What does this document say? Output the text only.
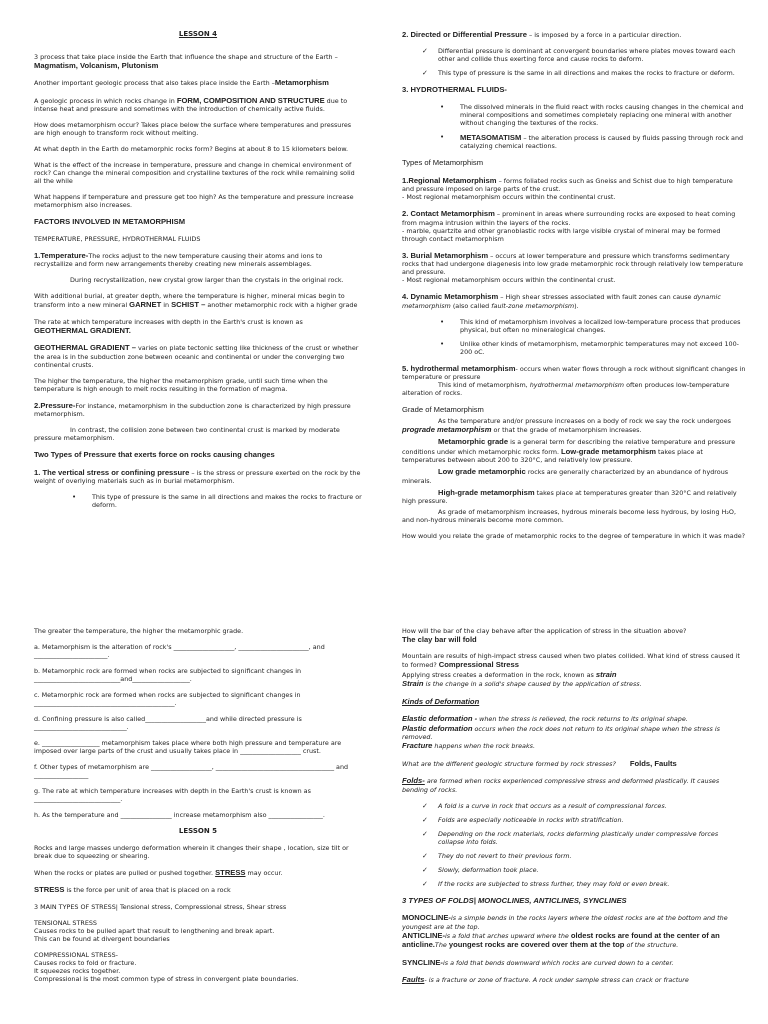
LESSON 4

3 process that take place inside the Earth that influence the shape and structure of the Earth –Magmatism, Volcanism, Plutonism

Another important geologic process that also takes place inside the Earth –Metamorphism

A geologic process in which rocks change in FORM, COMPOSITION AND STRUCTURE due to intense heat and pressure and sometimes with the introduction of chemically active fluids.

How does metamorphism occur? Takes place below the surface where temperatures and pressures are high enough to transform rock without melting.

At what depth in the Earth do metamorphic rocks form? Begins at about 8 to 15 kilometers below.

What is the effect of the increase in temperature, pressure and change in chemical environment of rock? Can change the mineral composition and crystalline textures of the rock while remaining solid all the while

What happens if temperature and pressure get too high? As the temperature and pressure increase metamorphism also increases.

FACTORS INVOLVED IN METAMORPHISM

TEMPERATURE, PRESSURE, HYDROTHERMAL FLUIDS

1.Temperature-The rocks adjust to the new temperature causing their atoms and ions to recrystallize and form new arrangements thereby creating new minerals assemblages.

During recrystallization, new crystal grow larger than the crystals in the original rock.

With additional burial, at greater depth, where the temperature is higher, mineral micas begin to transform into a new mineral GARNET in SCHIST – another metamorphic rock with a higher grade

The rate at which temperature increases with depth in the Earth's crust is known as
GEOTHERMAL GRADIENT.

GEOTHERMAL GRADIENT – varies on plate tectonic setting like thickness of the crust or whether the area is in the subduction zone between oceanic and continental or under the converging two continental crusts.

The higher the temperature, the higher the metamorphism grade, until such time when the temperature is high enough to melt rocks resulting in the formation of magma.

2.Pressure-For instance, metamorphism in the subduction zone is characterized by high pressure metamorphism.

In contrast, the collision zone between two continental crust is marked by moderate pressure metamorphism.

Two Types of Pressure that exerts force on rocks causing changes

1. The vertical stress or confining pressure – is the stress or pressure exerted on the rock by the weight of overlying materials such as in burial metamorphism.

• This type of pressure is the same in all directions and makes the rocks to fracture or deform.

2. Directed or Differential Pressure – is imposed by a force in a particular direction.

✓ Differential pressure is dominant at convergent boundaries where plates moves toward each other and collide thus exerting force and cause rocks to deform.
✓ This type of pressure is the same in all directions and makes the rocks to fracture or deform.

3. HYDROTHERMAL FLUIDS-

• The dissolved minerals in the fluid react with rocks causing changes in the chemical and mineral compositions and sometimes completely replacing one mineral with another without changing the textures of the rocks.
• METASOMATISM – the alteration process is caused by fluids passing through rock and catalyzing chemical reactions.

Types of Metamorphism

1.Regional Metamorphism – forms foliated rocks such as Gneiss and Schist due to high temperature and pressure imposed on large parts of the crust.
- Most regional metamorphism occurs within the continental crust.

2. Contact Metamorphism – prominent in areas where surrounding rocks are exposed to heat coming from magma intrusion within the layers of the rocks.
- marble, quartzite and other granoblastic rocks with large visible crystal of mineral may be formed through contact metamorphism

3. Burial Metamorphism – occurs at lower temperature and pressure which transforms sedimentary rocks that had undergone diagenesis into low grade metamorphic rock through relatively low temperature and pressure.
- Most regional metamorphism occurs within the continental crust.

4. Dynamic Metamorphism – High shear stresses associated with fault zones can cause dynamic metamorphism (also called fault-zone metamorphism).

• This kind of metamorphism involves a localized low-temperature process that produces physical, but often no mineralogical changes.
• Unlike other kinds of metamorphism, metamorphic temperatures may not exceed 100-200 oC.

5. hydrothermal metamorphism- occurs when water flows through a rock without significant changes in temperature or pressure
This kind of metamorphism, hydrothermal metamorphism often produces low-temperature alteration of rocks.

Grade of Metamorphism

As the temperature and/or pressure increases on a body of rock we say the rock undergoes prograde metamorphism or that the grade of metamorphism increases.

Metamorphic grade is a general term for describing the relative temperature and pressure conditions under which metamorphic rocks form. Low-grade metamorphism takes place at temperatures between about 200 to 320°C, and relatively low pressure.

Low grade metamorphic rocks are generally characterized by an abundance of hydrous minerals.

High-grade metamorphism takes place at temperatures greater than 320°C and relatively high pressure.

As grade of metamorphism increases, hydrous minerals become less hydrous, by losing H₂O, and non-hydrous minerals become more common.

How would you relate the grade of metamorphic rocks to the degree of temperature in which it was made?

The greater the temperature, the higher the metamorphic grade.

a. Metamorphism is the alteration of rock's ___________________, ______________________, and _______________________.

b. Metamorphic rock are formed when rocks are subjected to significant changes in ___________________________and__________________.

c. Metamorphic rock are formed when rocks are subjected to significant changes in ____________________________________________.

d. Confining pressure is also called___________________and while directed pressure is _____________________________.

e. __________________ metamorphism takes place where both high pressure and temperature are imposed over large parts of the crust and usually takes place in ___________________ crust.

f. Other types of metamorphism are ___________________, _____________________________________ and _________________

g. The rate at which temperature increases with depth in the Earth's crust is known as ___________________________.

h. As the temperature and ________________ increase metamorphism also _________________.

LESSON 5

Rocks and large masses undergo deformation wherein it changes their shape , location, size tilt or break due to squeezing or shearing.

When the rocks or plates are pulled or pushed together. STRESS may occur.

STRESS is the force per unit of area that is placed on a rock

3 MAIN TYPES OF STRESS| Tensional stress, Compressional stress, Shear stress

TENSIONAL STRESS
Causes rocks to be pulled apart that result to lengthening and break apart.
This can be found at divergent boundaries

COMPRESSIONAL STRESS-
Causes rocks to fold or fracture.
It squeezes rocks together.
Compressional is the most common type of stress in convergent plate boundaries.

How will the bar of the clay behave after the application of stress in the situation above?
The clay bar will fold

Mountain are results of high-impact stress caused when two plates collided. What kind of stress caused it to formed? Compressional Stress
Applying stress creates a deformation in the rock, known as strain
Strain is the change in a solid's shape caused by the application of stress.

Kinds of Deformation

Elastic deformation - when the stress is relieved, the rock returns to its original shape.
Plastic deformation occurs when the rock does not return to its original shape when the stress is removed.
Fracture happens when the rock breaks.

What are the different geologic structure formed by rock stresses? Folds, Faults

Folds- are formed when rocks experienced compressive stress and deformed plastically. It causes bending of rocks.

✓ A fold is a curve in rock that occurs as a result of compressional forces.
✓ Folds are especially noticeable in rocks with stratification.
✓ Depending on the rock materials, rocks deforming plastically under compressive forces collapse into folds.
✓ They do not revert to their previous form.
✓ Slowly, deformation took place.
✓ If the rocks are subjected to stress further, they may fold or even break.

3 TYPES OF FOLDS| MONOCLINES, ANTICLINES, SYNCLINES

MONOCLINE-is a simple bends in the rocks layers where the oldest rocks are at the bottom and the youngest are at the top.
ANTICLINE-is a fold that arches upward where the oldest rocks are found at the center of an anticline.The youngest rocks are covered over them at the top of the structure.

SYNCLINE-is a fold that bends downward which rocks are curved down to a center.

Faults- is a fracture or zone of fracture. A rock under sample stress can crack or fracture
